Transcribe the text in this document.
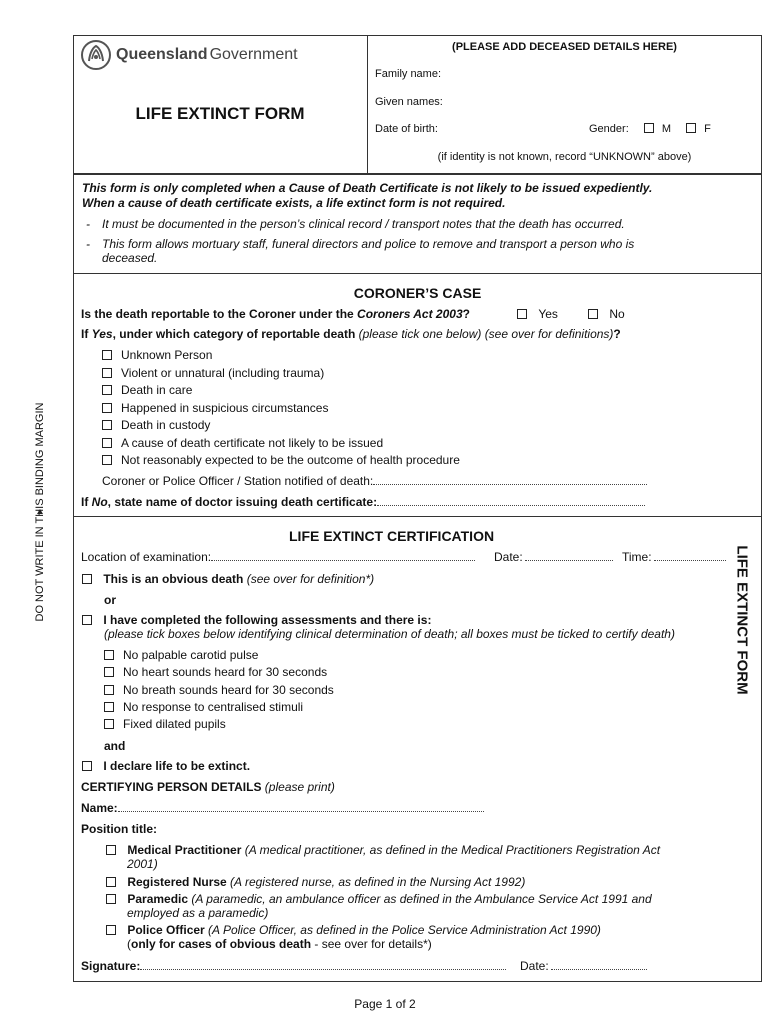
Queensland Government
LIFE EXTINCT FORM
(PLEASE ADD DECEASED DETAILS HERE)
Family name:
Given names:
Date of birth:	Gender:	M	F
(if identity is not known, record “UNKNOWN” above)
This form is only completed when a Cause of Death Certificate is not likely to be issued expediently.
When a cause of death certificate exists, a life extinct form is not required.
- It must be documented in the person’s clinical record / transport notes that the death has occurred.
- This form allows mortuary staff, funeral directors and police to remove and transport a person who is
deceased.
CORONER’S CASE
Is the death reportable to the Coroner under the Coroners Act 2003?	Yes	No
If Yes, under which category of reportable death (please tick one below) (see over for definitions)?
Unknown Person
Violent or unnatural (including trauma)
Death in care
Happened in suspicious circumstances
Death in custody
A cause of death certificate not likely to be issued
Not reasonably expected to be the outcome of health procedure
Coroner or Police Officer / Station notified of death:
If No, state name of doctor issuing death certificate:
LIFE EXTINCT CERTIFICATION
Location of examination:	Date:	Time:
This is an obvious death (see over for definition*)
or
I have completed the following assessments and there is:
(please tick boxes below identifying clinical determination of death; all boxes must be ticked to certify death)
No palpable carotid pulse
No heart sounds heard for 30 seconds
No breath sounds heard for 30 seconds
No response to centralised stimuli
Fixed dilated pupils
and
I declare life to be extinct.
CERTIFYING PERSON DETAILS (please print)
Name:
Position title:
Medical Practitioner (A medical practitioner, as defined in the Medical Practitioners Registration Act
2001)
Registered Nurse (A registered nurse, as defined in the Nursing Act 1992)
Paramedic (A paramedic, an ambulance officer as defined in the Ambulance Service Act 1991 and
employed as a paramedic)
Police Officer (A Police Officer, as defined in the Police Service Administration Act 1990)
(only for cases of obvious death - see over for details*)
Signature:	Date:
DO NOT WRITE IN THIS BINDING MARGIN	LIFE EXTINCT FORM
Page 1 of 2
